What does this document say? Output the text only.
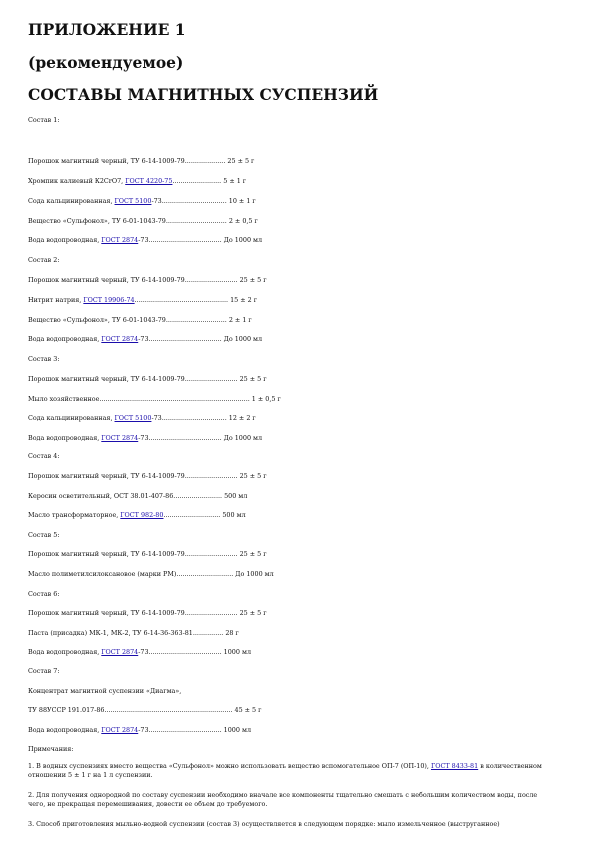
ПРИЛОЖЕНИЕ 1
(рекомендуемое)
СОСТАВЫ МАГНИТНЫХ СУСПЕНЗИЙ
Состав 1:
Порошок магнитный черный, ТУ 6-14-1009-79.................... 25 ± 5 г
Хромпик калиевый К2СrО7, ГОСТ 4220-75........................ 5 ± 1 г
Сода кальцинированная, ГОСТ 5100-73................................ 10 ± 1 г
Вещество «Сульфонол», ТУ 6-01-1043-79.............................. 2 ± 0,5 г
Вода водопроводная, ГОСТ 2874-73.................................... До 1000 мл
Состав 2:
Порошок магнитный черный, ТУ 6-14-1009-79.......................... 25 ± 5 г
Нитрит натрия, ГОСТ 19906-74.............................................. 15 ± 2 г
Вещество «Сульфонол», ТУ 6-01-1043-79.............................. 2 ± 1 г
Вода водопроводная, ГОСТ 2874-73.................................... До 1000 мл
Состав 3:
Порошок магнитный черный, ТУ 6-14-1009-79.......................... 25 ± 5 г
Мыло хозяйственное.......................................................................... 1 ± 0,5 г
Сода кальцинированная, ГОСТ 5100-73................................ 12 ± 2 г
Вода водопроводная, ГОСТ 2874-73.................................... До 1000 мл
Состав 4:
Порошок магнитный черный, ТУ 6-14-1009-79.......................... 25 ± 5 г
Керосин осветительный, ОСТ 38.01-407-86........................ 500 мл
Масло трансформаторное, ГОСТ 982-80............................ 500 мл
Состав 5:
Порошок магнитный черный, ТУ 6-14-1009-79.......................... 25 ± 5 г
Масло полиметилсилоксановое (марки РМ)............................ До 1000 мл
Состав 6:
Порошок магнитный черный, ТУ 6-14-1009-79.......................... 25 ± 5 г
Паста (присадка) МК-1, МК-2, ТУ 6-14-36-363-81............... 28 г
Вода водопроводная, ГОСТ 2874-73.................................... 1000 мл
Состав 7:
Концентрат магнитной суспензии «Диагма»,
ТУ 88УССР 191.017-86............................................................... 45 ± 5 г
Вода водопроводная, ГОСТ 2874-73.................................... 1000 мл
Примечания:
1. В водных суспензиях вместо вещества «Сульфонол» можно использовать вещество вспомогательное ОП-7 (ОП-10), ГОСТ 8433-81 в количественном отношении 5 ± 1 г на 1 л суспензии.
2. Для получения однородной по составу суспензии необходимо вначале все компоненты тщательно смешать с небольшим количеством воды, после чего, не прекращая перемешивания, довести ее объем до требуемого.
3. Способ приготовления мыльно-водной суспензии (состав 3) осуществляется в следующем порядке: мыло измельченное (выструганное)
